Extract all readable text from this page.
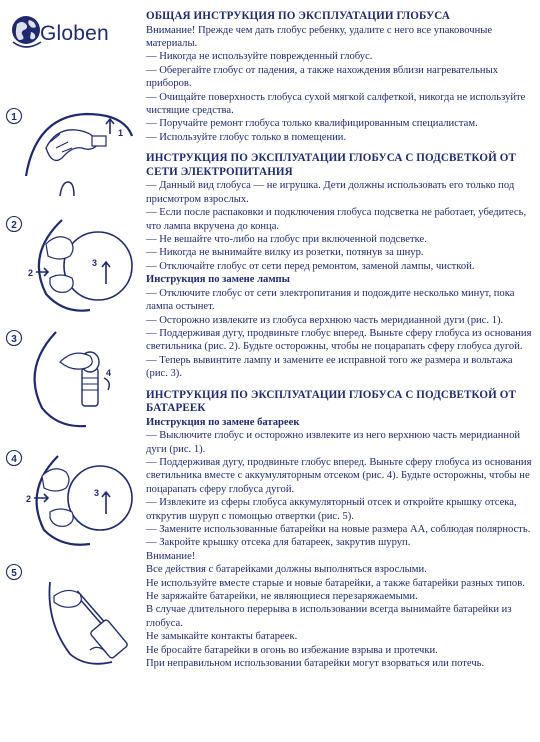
Globen
1
1
2
2
3
3
4
4
2
3
5

ОБЩАЯ ИНСТРУКЦИЯ ПО ЭКСПЛУАТАЦИИ ГЛОБУСА

Внимание! Прежде чем дать глобус ребенку, удалите с него все упаковочные материалы.

— Никогда не используйте поврежденный глобус.

— Оберегайте глобус от падения, а также нахождения вблизи нагревательных приборов.

— Очищайте поверхность глобуса сухой мягкой салфеткой, никогда не используйте чистящие средства.

— Поручайте ремонт глобуса только квалифицированным специалистам.

— Используйте глобус только в помещении.

ИНСТРУКЦИЯ ПО ЭКСПЛУАТАЦИИ ГЛОБУСА С ПОДСВЕТКОЙ ОТ СЕТИ ЭЛЕКТРОПИТАНИЯ

— Данный вид глобуса — не игрушка. Дети должны использовать его только под присмотром взрослых.

— Если после распаковки и подключения глобуса подсветка не работает, убедитесь, что лампа вкручена до конца.

— Не вешайте что-либо на глобус при включенной подсветке.

— Никогда не вынимайте вилку из розетки, потянув за шнур.

— Отключайте глобус от сети перед ремонтом, заменой лампы, чисткой.

Инструкция по замене лампы

— Отключите глобус от сети электропитания и подождите несколько минут, пока лампа остынет.

— Осторожно извлеките из глобуса верхнюю часть меридианной дуги (рис. 1).

— Поддерживая дугу, продвиньте глобус вперед. Выньте сферу глобуса из основания светильника (рис. 2). Будьте осторожны, чтобы не поцарапать сферу глобуса дугой.

— Теперь вывинтите лампу и замените ее исправной того же размера и вольтажа (рис. 3).

ИНСТРУКЦИЯ ПО ЭКСПЛУАТАЦИИ ГЛОБУСА С ПОДСВЕТКОЙ ОТ БАТАРЕЕК

Инструкция по замене батареек

— Выключите глобус и осторожно извлеките из него верхнюю часть меридианной дуги (рис. 1).

— Поддерживая дугу, продвиньте глобус вперед. Выньте сферу глобуса из основания светильника вместе с аккумуляторным отсеком (рис. 4). Будьте осторожны, чтобы не поцарапать сферу глобуса дугой.

— Извлеките из сферы глобуса аккумуляторный отсек и откройте крышку отсека, открутив шуруп с помощью отвертки (рис. 5).

— Замените использованные батарейки на новые размера AA, соблюдая полярность.

— Закройте крышку отсека для батареек, закрутив шуруп.

Внимание!

Все действия с батарейками должны выполняться взрослыми.

Не используйте вместе старые и новые батарейки, а также батарейки разных типов.

Не заряжайте батарейки, не являющиеся перезаряжаемыми.

В случае длительного перерыва в использовании всегда вынимайте батарейки из глобуса.

Не замыкайте контакты батареек.

Не бросайте батарейки в огонь во избежание взрыва и протечки.

При неправильном использовании батарейки могут взорваться или потечь.
